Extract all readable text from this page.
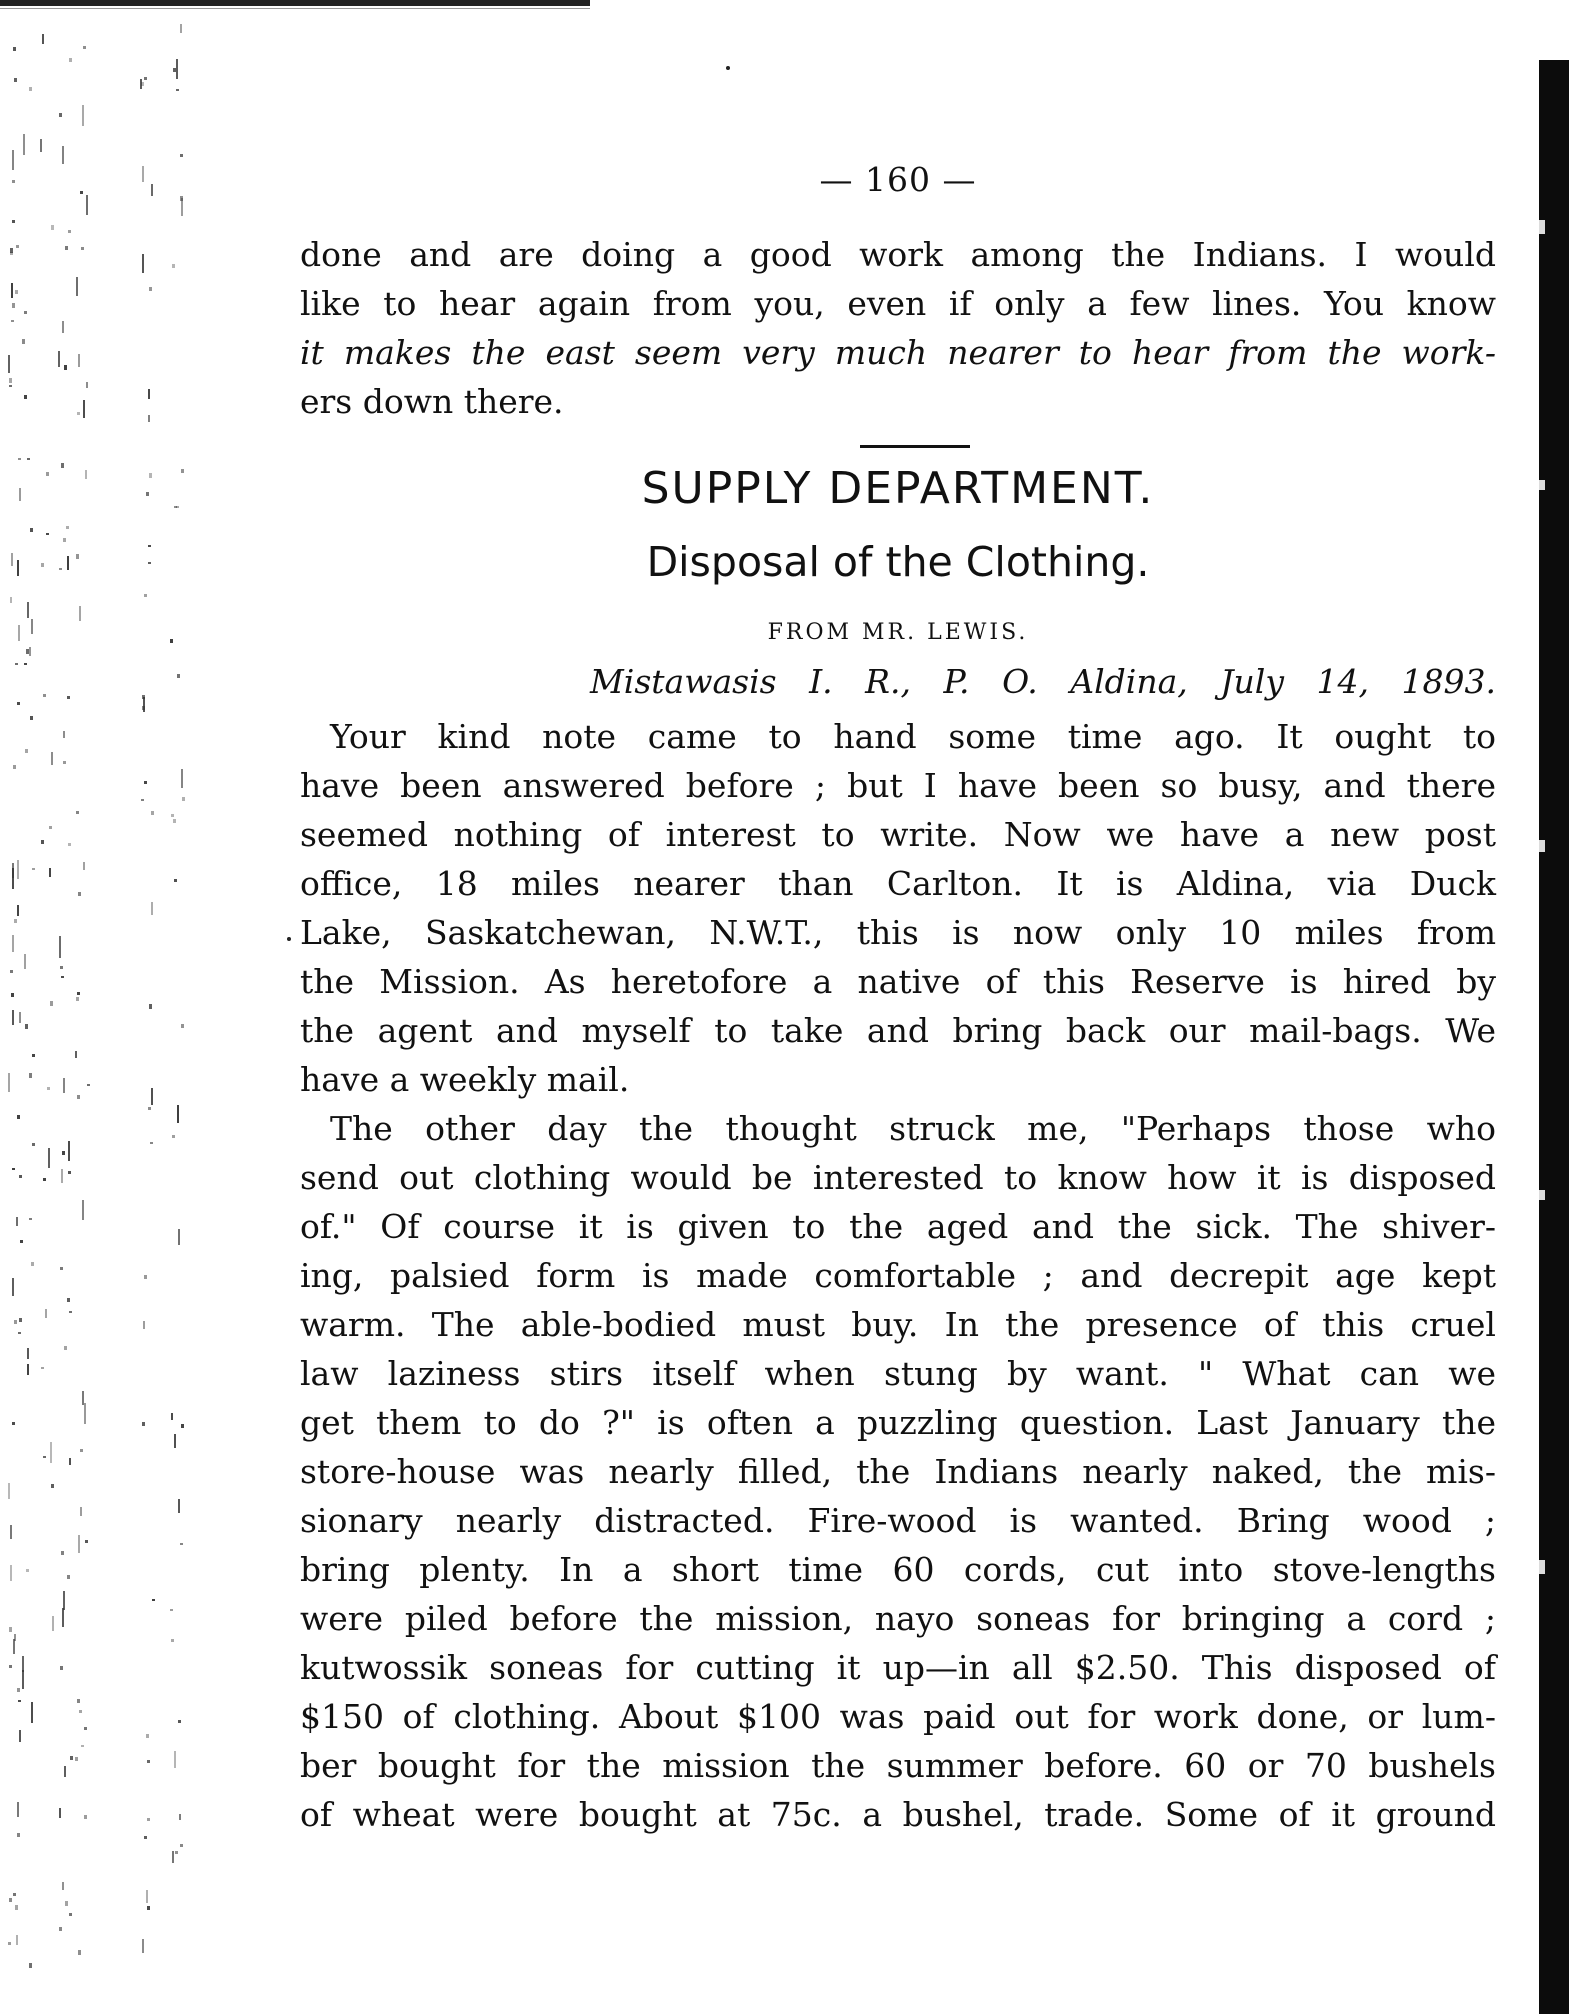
— 160 —
done and are doing a good work among the Indians. I would
like to hear again from you, even if only a few lines. You know
it makes the east seem very much nearer to hear from the work-
ers down there.
SUPPLY DEPARTMENT.
Disposal of the Clothing.
FROM MR. LEWIS.
Mistawasis I. R., P. O. Aldina, July 14, 1893.
Your kind note came to hand some time ago. It ought to
have been answered before ; but I have been so busy, and there
seemed nothing of interest to write. Now we have a new post
office, 18 miles nearer than Carlton. It is Aldina, via Duck
Lake, Saskatchewan, N.W.T., this is now only 10 miles from
the Mission. As heretofore a native of this Reserve is hired by
the agent and myself to take and bring back our mail-bags. We
have a weekly mail.
The other day the thought struck me, "Perhaps those who
send out clothing would be interested to know how it is disposed
of." Of course it is given to the aged and the sick. The shiver-
ing, palsied form is made comfortable ; and decrepit age kept
warm. The able-bodied must buy. In the presence of this cruel
law laziness stirs itself when stung by want. " What can we
get them to do ?" is often a puzzling question. Last January the
store-house was nearly filled, the Indians nearly naked, the mis-
sionary nearly distracted. Fire-wood is wanted. Bring wood ;
bring plenty. In a short time 60 cords, cut into stove-lengths
were piled before the mission, nayo soneas for bringing a cord ;
kutwossik soneas for cutting it up—in all $2.50. This disposed of
$150 of clothing. About $100 was paid out for work done, or lum-
ber bought for the mission the summer before. 60 or 70 bushels
of wheat were bought at 75c. a bushel, trade. Some of it ground
